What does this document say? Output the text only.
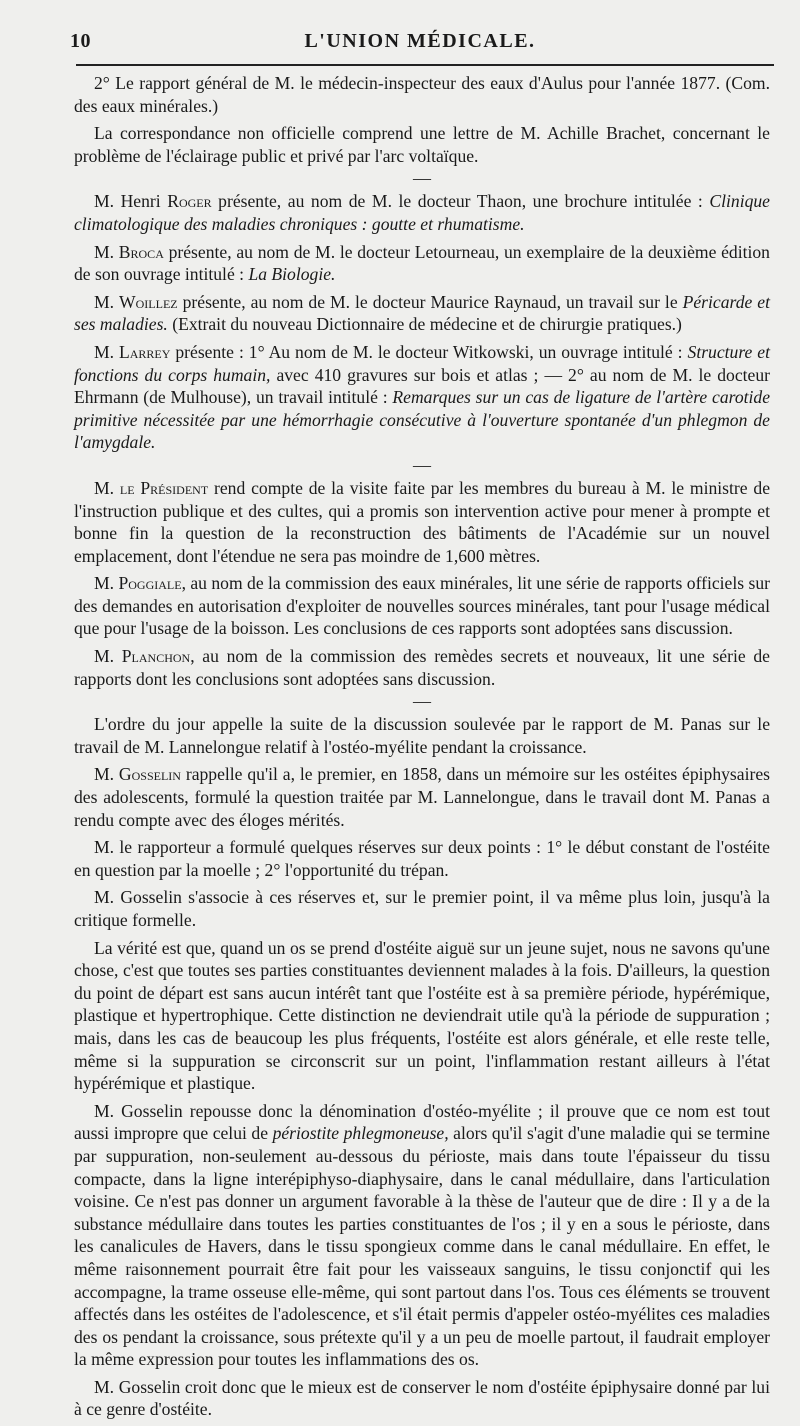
10	L'UNION MÉDICALE.

2° Le rapport général de M. le médecin-inspecteur des eaux d'Aulus pour l'année 1877. (Com. des eaux minérales.)

La correspondance non officielle comprend une lettre de M. Achille Brachet, concernant le problème de l'éclairage public et privé par l'arc voltaïque.

—

M. Henri Roger présente, au nom de M. le docteur Thaon, une brochure intitulée : Clinique climatologique des maladies chroniques : goutte et rhumatisme.

M. Broca présente, au nom de M. le docteur Letourneau, un exemplaire de la deuxième édition de son ouvrage intitulé : La Biologie.

M. Woillez présente, au nom de M. le docteur Maurice Raynaud, un travail sur le Péricarde et ses maladies. (Extrait du nouveau Dictionnaire de médecine et de chirurgie pratiques.)

M. Larrey présente : 1° Au nom de M. le docteur Witkowski, un ouvrage intitulé : Structure et fonctions du corps humain, avec 410 gravures sur bois et atlas ; — 2° au nom de M. le docteur Ehrmann (de Mulhouse), un travail intitulé : Remarques sur un cas de ligature de l'artère carotide primitive nécessitée par une hémorrhagie consécutive à l'ouverture spontanée d'un phlegmon de l'amygdale.

—

M. le Président rend compte de la visite faite par les membres du bureau à M. le ministre de l'instruction publique et des cultes, qui a promis son intervention active pour mener à prompte et bonne fin la question de la reconstruction des bâtiments de l'Académie sur un nouvel emplacement, dont l'étendue ne sera pas moindre de 1,600 mètres.

M. Poggiale, au nom de la commission des eaux minérales, lit une série de rapports officiels sur des demandes en autorisation d'exploiter de nouvelles sources minérales, tant pour l'usage médical que pour l'usage de la boisson. Les conclusions de ces rapports sont adoptées sans discussion.

M. Planchon, au nom de la commission des remèdes secrets et nouveaux, lit une série de rapports dont les conclusions sont adoptées sans discussion.

—

L'ordre du jour appelle la suite de la discussion soulevée par le rapport de M. Panas sur le travail de M. Lannelongue relatif à l'ostéo-myélite pendant la croissance.

M. Gosselin rappelle qu'il a, le premier, en 1858, dans un mémoire sur les ostéites épiphysaires des adolescents, formulé la question traitée par M. Lannelongue, dans le travail dont M. Panas a rendu compte avec des éloges mérités.

M. le rapporteur a formulé quelques réserves sur deux points : 1° le début constant de l'ostéite en question par la moelle ; 2° l'opportunité du trépan.

M. Gosselin s'associe à ces réserves et, sur le premier point, il va même plus loin, jusqu'à la critique formelle.

La vérité est que, quand un os se prend d'ostéite aiguë sur un jeune sujet, nous ne savons qu'une chose, c'est que toutes ses parties constituantes deviennent malades à la fois. D'ailleurs, la question du point de départ est sans aucun intérêt tant que l'ostéite est à sa première période, hypérémique, plastique et hypertrophique. Cette distinction ne deviendrait utile qu'à la période de suppuration ; mais, dans les cas de beaucoup les plus fréquents, l'ostéite est alors générale, et elle reste telle, même si la suppuration se circonscrit sur un point, l'inflammation restant ailleurs à l'état hypérémique et plastique.

M. Gosselin repousse donc la dénomination d'ostéo-myélite ; il prouve que ce nom est tout aussi impropre que celui de périostite phlegmoneuse, alors qu'il s'agit d'une maladie qui se termine par suppuration, non-seulement au-dessous du périoste, mais dans toute l'épaisseur du tissu compacte, dans la ligne interépiphyso-diaphysaire, dans le canal médullaire, dans l'articulation voisine. Ce n'est pas donner un argument favorable à la thèse de l'auteur que de dire : Il y a de la substance médullaire dans toutes les parties constituantes de l'os ; il y en a sous le périoste, dans les canalicules de Havers, dans le tissu spongieux comme dans le canal médullaire. En effet, le même raisonnement pourrait être fait pour les vaisseaux sanguins, le tissu conjonctif qui les accompagne, la trame osseuse elle-même, qui sont partout dans l'os. Tous ces éléments se trouvent affectés dans les ostéites de l'adolescence, et s'il était permis d'appeler ostéo-myélites ces maladies des os pendant la croissance, sous prétexte qu'il y a un peu de moelle partout, il faudrait employer la même expression pour toutes les inflammations des os.

M. Gosselin croit donc que le mieux est de conserver le nom d'ostéite épiphysaire donné par lui à ce genre d'ostéite.
